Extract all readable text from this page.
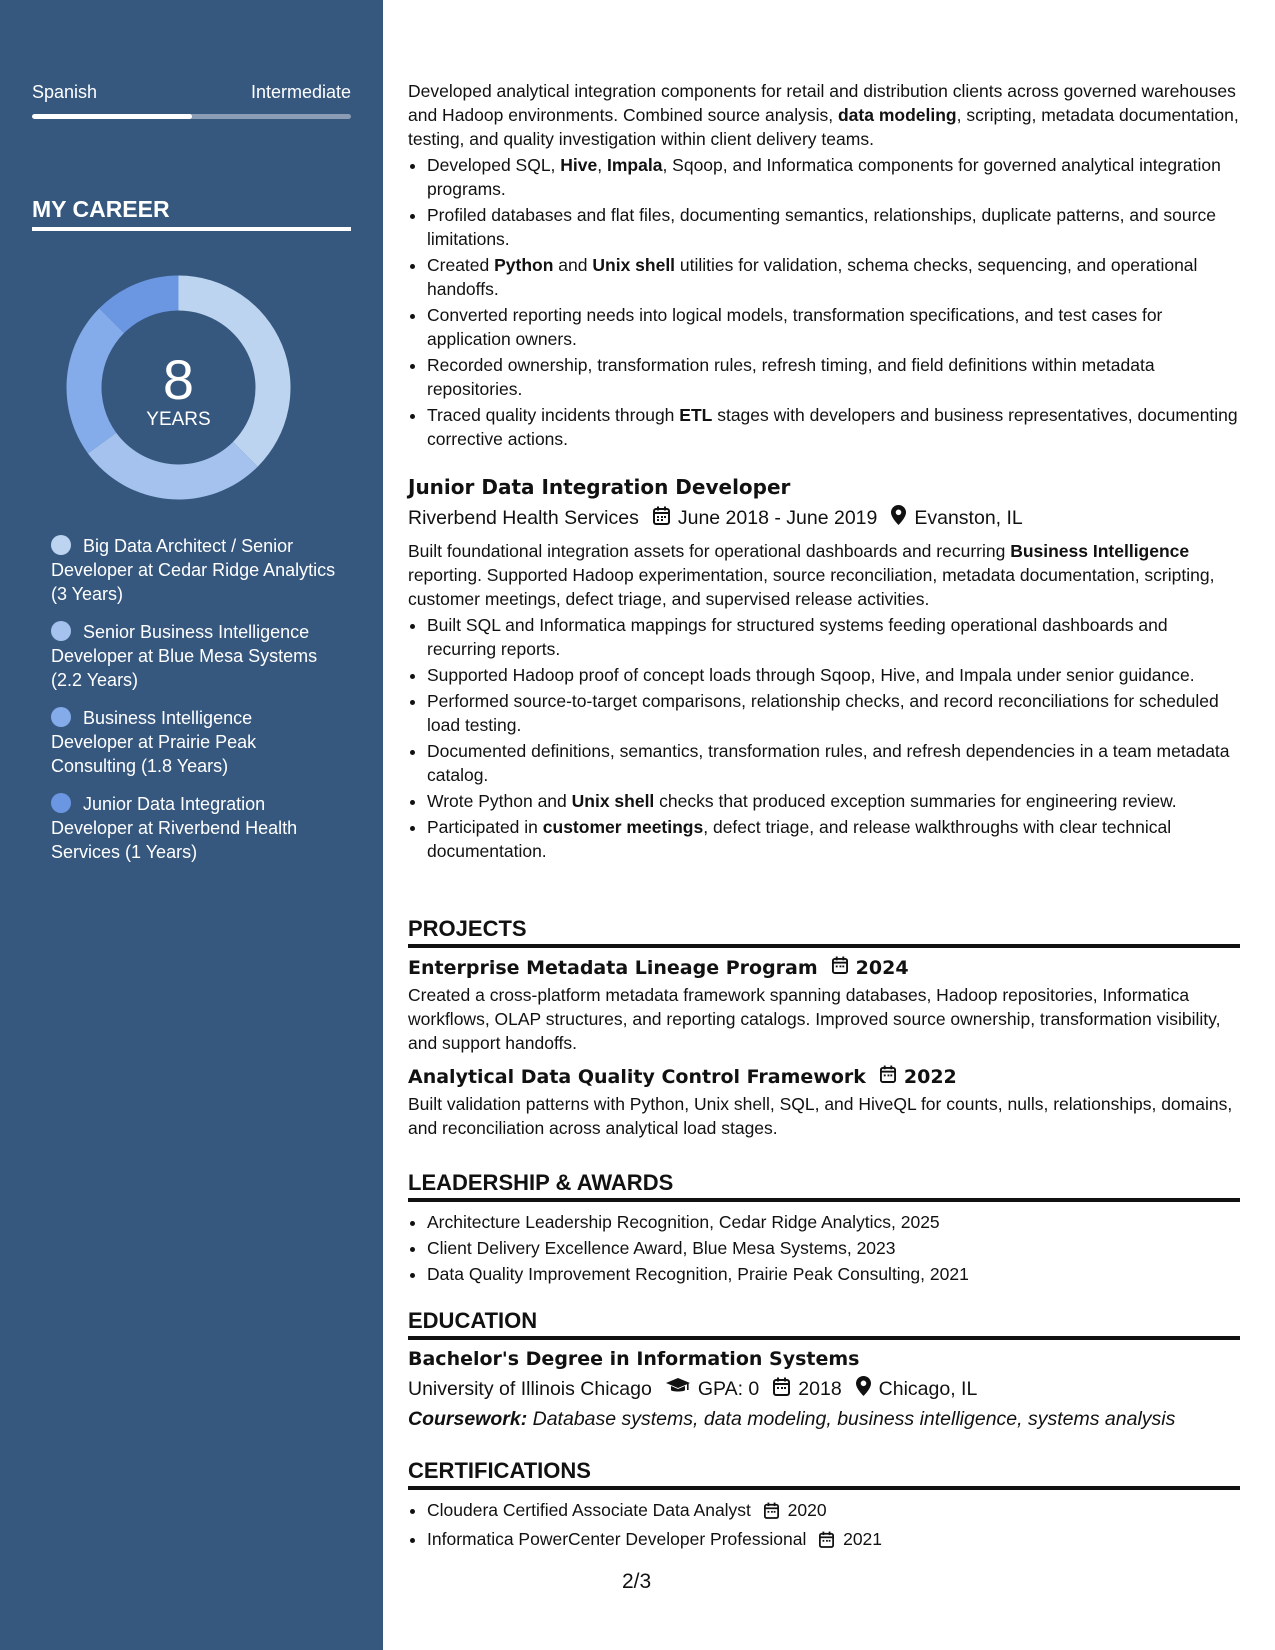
Spanish	Intermediate
MY CAREER
8
YEARS
Big Data Architect / Senior Developer at Cedar Ridge Analytics (3 Years)
Senior Business Intelligence Developer at Blue Mesa Systems (2.2 Years)
Business Intelligence Developer at Prairie Peak Consulting (1.8 Years)
Junior Data Integration Developer at Riverbend Health Services (1 Years)

Developed analytical integration components for retail and distribution clients across governed warehouses and Hadoop environments. Combined source analysis, data modeling, scripting, metadata documentation, testing, and quality investigation within client delivery teams.

• Developed SQL, Hive, Impala, Sqoop, and Informatica components for governed analytical integration programs.
• Profiled databases and flat files, documenting semantics, relationships, duplicate patterns, and source limitations.
• Created Python and Unix shell utilities for validation, schema checks, sequencing, and operational handoffs.
• Converted reporting needs into logical models, transformation specifications, and test cases for application owners.
• Recorded ownership, transformation rules, refresh timing, and field definitions within metadata repositories.
• Traced quality incidents through ETL stages with developers and business representatives, documenting corrective actions.
Junior Data Integration Developer
Riverbend Health Services June 2018 - June 2019 Evanston, IL

Built foundational integration assets for operational dashboards and recurring Business Intelligence reporting. Supported Hadoop experimentation, source reconciliation, metadata documentation, scripting, customer meetings, defect triage, and supervised release activities.

• Built SQL and Informatica mappings for structured systems feeding operational dashboards and recurring reports.
• Supported Hadoop proof of concept loads through Sqoop, Hive, and Impala under senior guidance.
• Performed source-to-target comparisons, relationship checks, and record reconciliations for scheduled load testing.
• Documented definitions, semantics, transformation rules, and refresh dependencies in a team metadata catalog.
• Wrote Python and Unix shell checks that produced exception summaries for engineering review.
• Participated in customer meetings, defect triage, and release walkthroughs with clear technical documentation.
PROJECTS
Enterprise Metadata Lineage Program 2024

Created a cross-platform metadata framework spanning databases, Hadoop repositories, Informatica workflows, OLAP structures, and reporting catalogs. Improved source ownership, transformation visibility, and support handoffs.

Analytical Data Quality Control Framework 2022

Built validation patterns with Python, Unix shell, SQL, and HiveQL for counts, nulls, relationships, domains, and reconciliation across analytical load stages.

LEADERSHIP & AWARDS
• Architecture Leadership Recognition, Cedar Ridge Analytics, 2025
• Client Delivery Excellence Award, Blue Mesa Systems, 2023
• Data Quality Improvement Recognition, Prairie Peak Consulting, 2021
EDUCATION
Bachelor's Degree in Information Systems
University of Illinois Chicago GPA: 0 2018 Chicago, IL
Coursework: Database systems, data modeling, business intelligence, systems analysis
CERTIFICATIONS
• Cloudera Certified Associate Data Analyst 2020
• Informatica PowerCenter Developer Professional 2021
2/3
